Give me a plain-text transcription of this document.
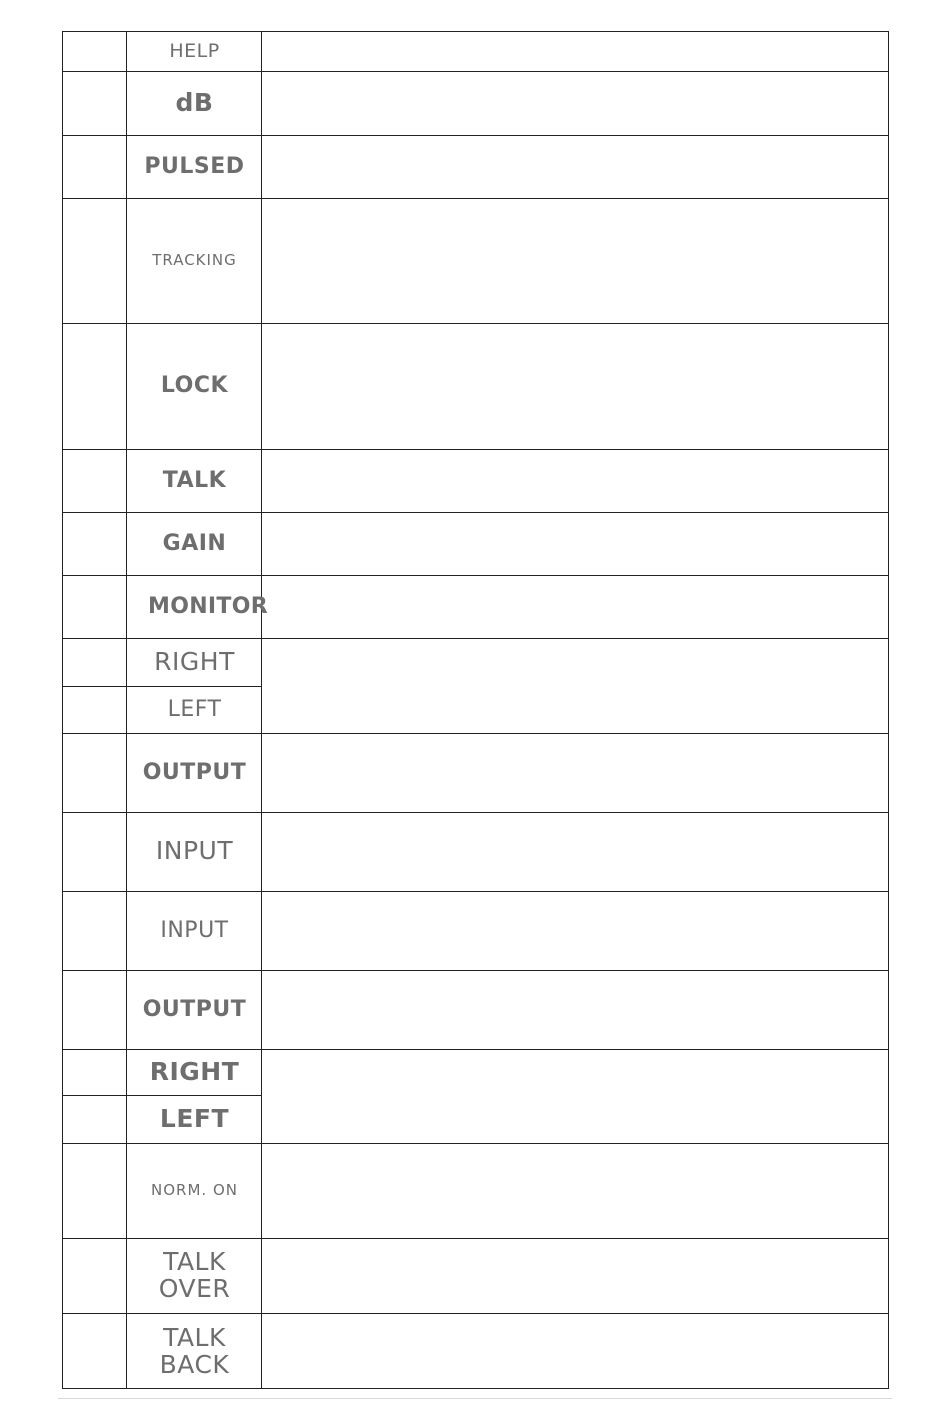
HELP
dB
PULSED
TRACKING
LOCK
TALK
GAIN
MONITOR
RIGHT
LEFT
OUTPUT
INPUT
INPUT
OUTPUT
RIGHT
LEFT
NORM. ON
TALK
OVER
TALK
BACK
